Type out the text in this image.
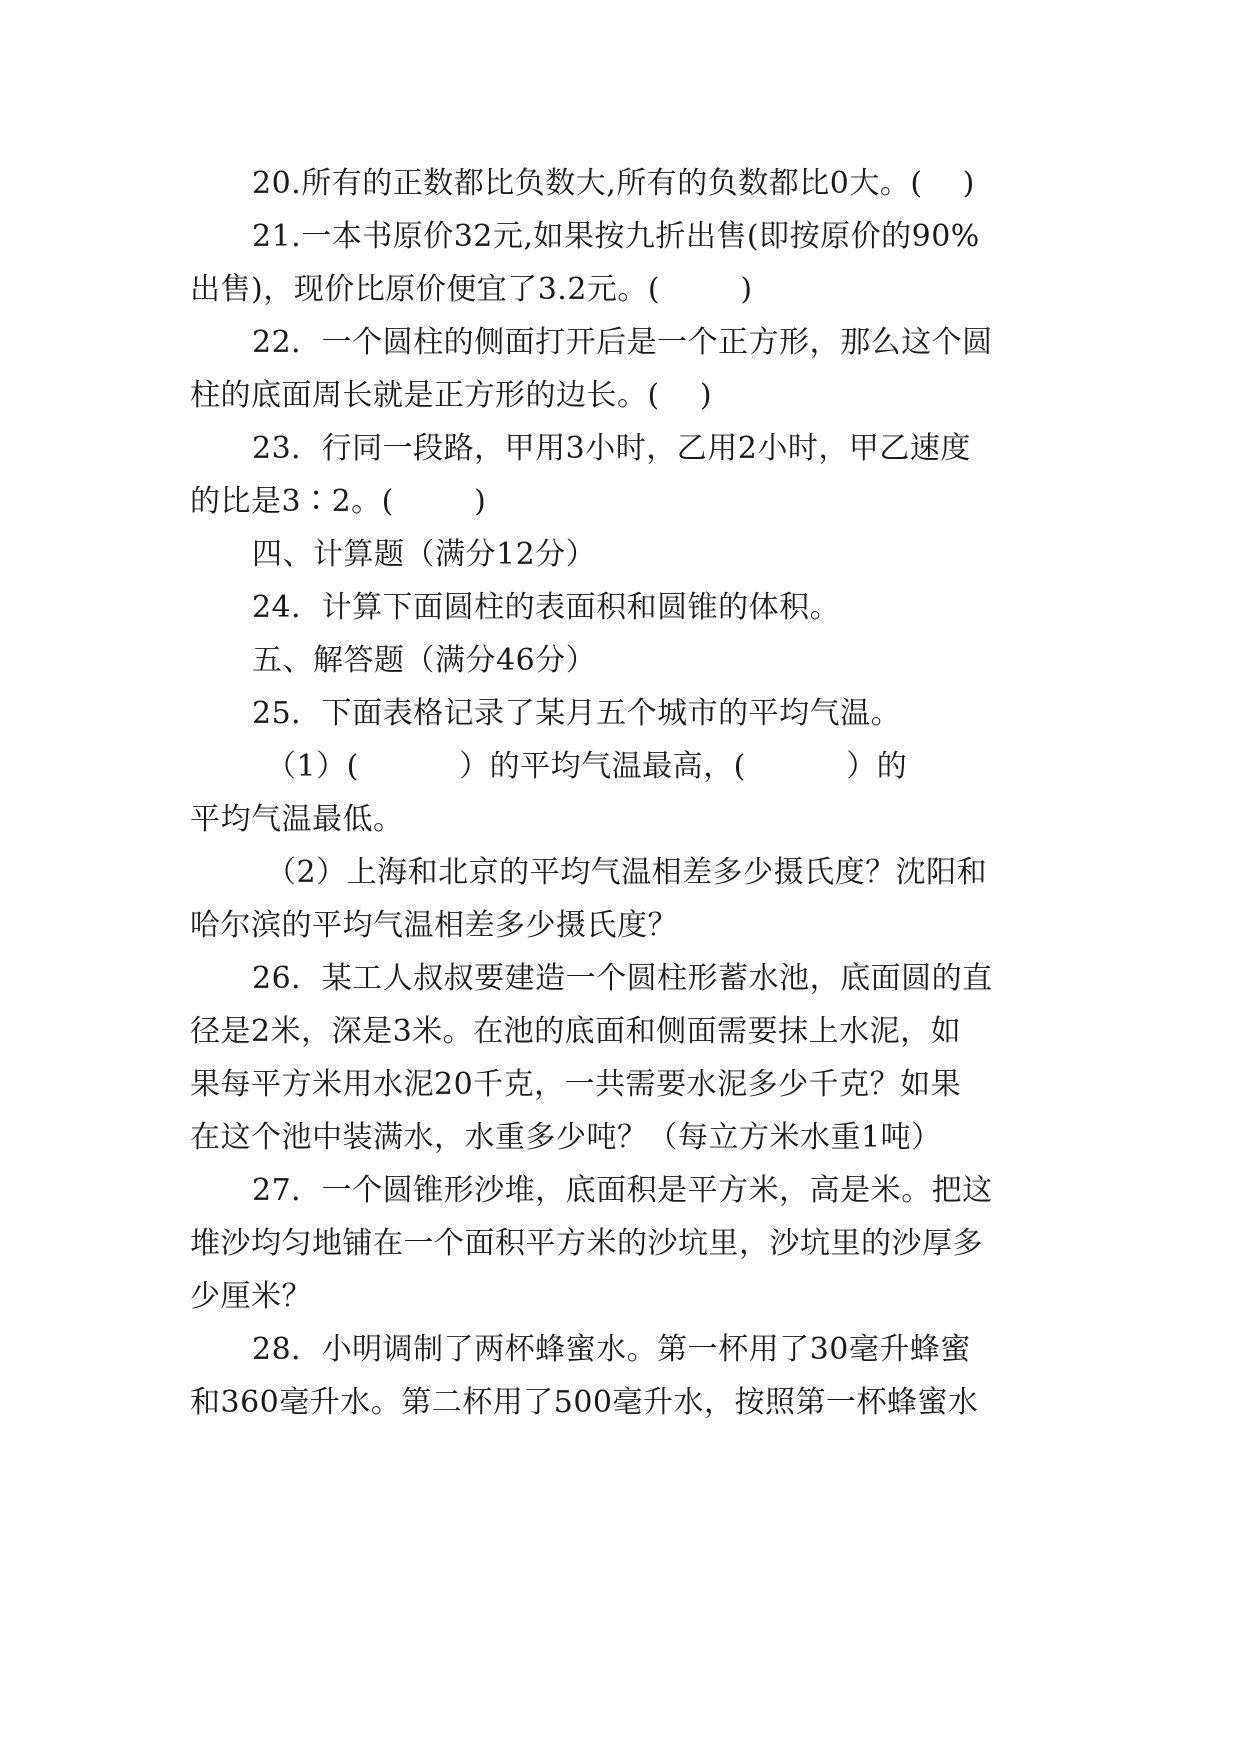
20.所有的正数都比负数大,所有的负数都比0大。(    )
21.一本书原价32元,如果按九折出售(即按原价的90%
出售)，现价比原价便宜了3.2元。(        )
22．一个圆柱的侧面打开后是一个正方形，那么这个圆
柱的底面周长就是正方形的边长。(    )
23．行同一段路，甲用3小时，乙用2小时，甲乙速度
的比是3∶2。(        )
四、计算题（满分12分）
24．计算下面圆柱的表面积和圆锥的体积。
五、解答题（满分46分）
25．下面表格记录了某月五个城市的平均气温。
（1）(          ）的平均气温最高，(          ）的
平均气温最低。
（2）上海和北京的平均气温相差多少摄氏度？沈阳和
哈尔滨的平均气温相差多少摄氏度？
26．某工人叔叔要建造一个圆柱形蓄水池，底面圆的直
径是2米，深是3米。在池的底面和侧面需要抹上水泥，如
果每平方米用水泥20千克，一共需要水泥多少千克？如果
在这个池中装满水，水重多少吨？（每立方米水重1吨）
27．一个圆锥形沙堆，底面积是平方米，高是米。把这
堆沙均匀地铺在一个面积平方米的沙坑里，沙坑里的沙厚多
少厘米？
28．小明调制了两杯蜂蜜水。第一杯用了30毫升蜂蜜
和360毫升水。第二杯用了500毫升水，按照第一杯蜂蜜水
